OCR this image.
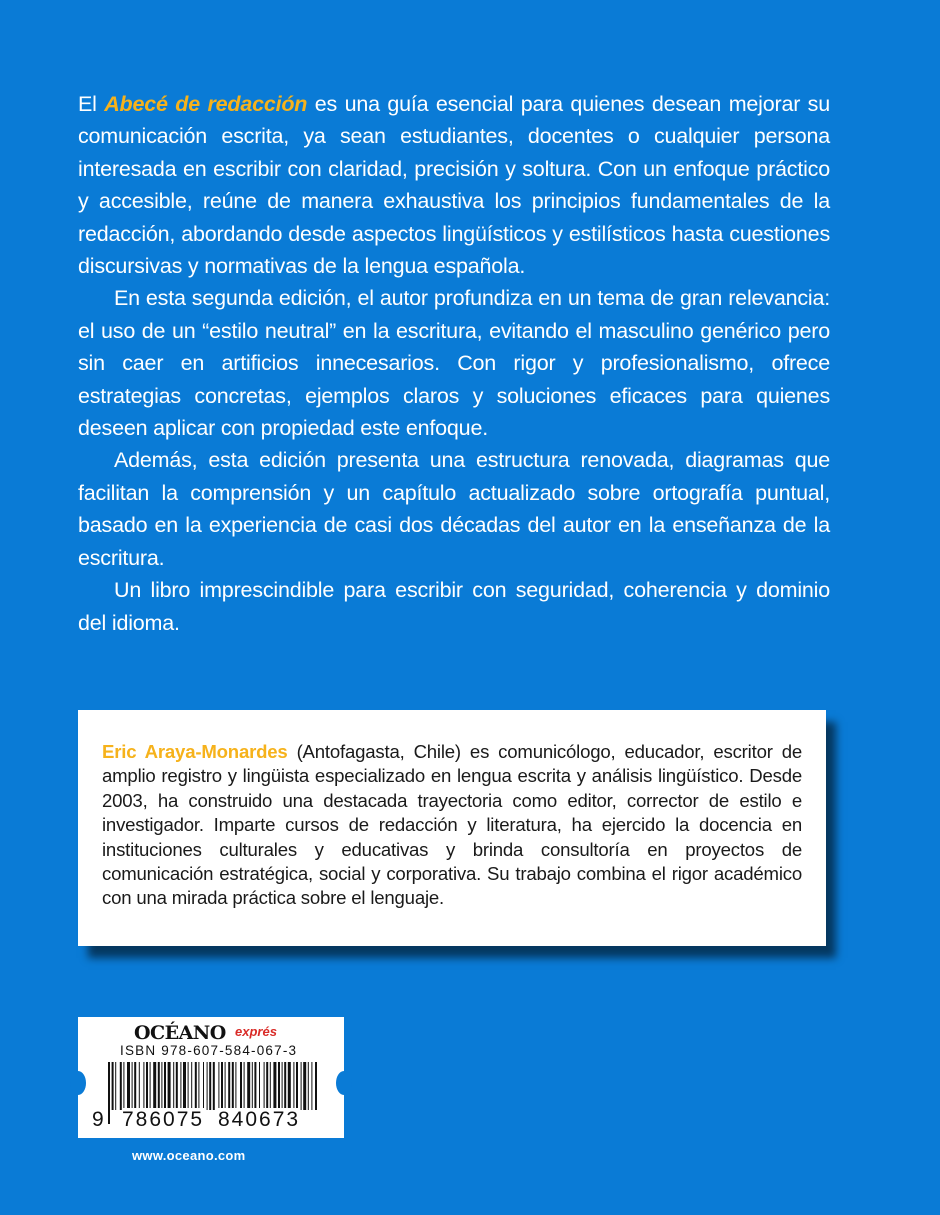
El Abecé de redacción es una guía esencial para quienes desean mejorar su comunicación escrita, ya sean estudiantes, docentes o cualquier persona interesada en escribir con claridad, precisión y soltura. Con un enfoque práctico y accesible, reúne de manera exhaustiva los principios fundamentales de la redacción, abordando desde aspectos lingüísticos y estilísticos hasta cuestiones discursivas y normativas de la lengua española.

En esta segunda edición, el autor profundiza en un tema de gran relevancia: el uso de un “estilo neutral” en la escritura, evitando el masculino genérico pero sin caer en artificios innecesarios. Con rigor y profesionalismo, ofrece estrategias concretas, ejemplos claros y soluciones eficaces para quienes deseen aplicar con propiedad este enfoque.

Además, esta edición presenta una estructura renovada, diagramas que facilitan la comprensión y un capítulo actualizado sobre ortografía puntual, basado en la experiencia de casi dos décadas del autor en la enseñanza de la escritura.

Un libro imprescindible para escribir con seguridad, coherencia y dominio del idioma.

Eric Araya-Monardes (Antofagasta, Chile) es comunicólogo, educador, escritor de amplio registro y lingüista especializado en lengua escrita y análisis lingüístico. Desde 2003, ha construido una destacada trayectoria como editor, corrector de estilo e investigador. Imparte cursos de redacción y literatura, ha ejercido la docencia en instituciones culturales y educativas y brinda consultoría en proyectos de comunicación estratégica, social y corporativa. Su trabajo combina el rigor académico con una mirada práctica sobre el lenguaje.

OCÉANO exprés
ISBN 978-607-584-067-3
9 786075 840673
www.oceano.com
